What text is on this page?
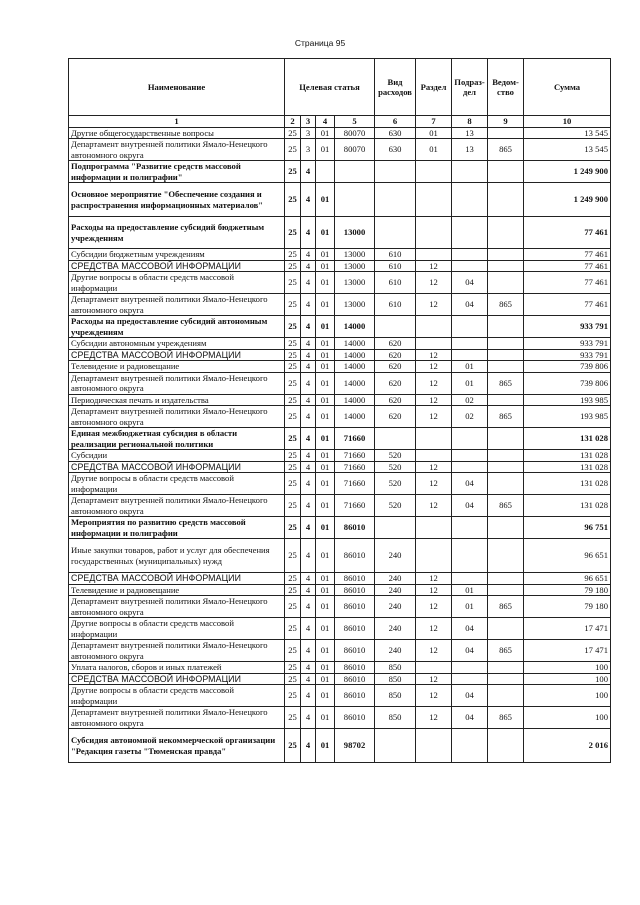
Страница 95
Наименование	Целевая статья				Вид расходов	Раздел	Подраз-дел	Ведом-ство	Сумма
1	2	3	4	5	6	7	8	9	10
Другие общегосударственные вопросы	25	3	01	80070	630	01	13		13 545
Департамент внутренней политики Ямало-Ненецкого автономного округа	25	3	01	80070	630	01	13	865	13 545
Подпрограмма "Развитие средств массовой информации и полиграфии"	25	4							1 249 900
Основное мероприятие "Обеспечение создания и распространения информационных материалов"	25	4	01						1 249 900
Расходы на предоставление субсидий бюджетным учреждениям	25	4	01	13000					77 461
Субсидии бюджетным учреждениям	25	4	01	13000	610				77 461
СРЕДСТВА МАССОВОЙ ИНФОРМАЦИИ	25	4	01	13000	610	12			77 461
Другие вопросы в области средств массовой информации	25	4	01	13000	610	12	04		77 461
Департамент внутренней политики Ямало-Ненецкого автономного округа	25	4	01	13000	610	12	04	865	77 461
Расходы на предоставление субсидий автономным учреждениям	25	4	01	14000					933 791
Субсидии автономным учреждениям	25	4	01	14000	620				933 791
СРЕДСТВА МАССОВОЙ ИНФОРМАЦИИ	25	4	01	14000	620	12			933 791
Телевидение и радиовещание	25	4	01	14000	620	12	01		739 806
Департамент внутренней политики Ямало-Ненецкого автономного округа	25	4	01	14000	620	12	01	865	739 806
Периодическая печать и издательства	25	4	01	14000	620	12	02		193 985
Департамент внутренней политики Ямало-Ненецкого автономного округа	25	4	01	14000	620	12	02	865	193 985
Единая межбюджетная субсидия в области реализации региональной политики	25	4	01	71660					131 028
Субсидии	25	4	01	71660	520				131 028
СРЕДСТВА МАССОВОЙ ИНФОРМАЦИИ	25	4	01	71660	520	12			131 028
Другие вопросы в области средств массовой информации	25	4	01	71660	520	12	04		131 028
Департамент внутренней политики Ямало-Ненецкого автономного округа	25	4	01	71660	520	12	04	865	131 028
Мероприятия по развитию средств массовой информации и полиграфии	25	4	01	86010					96 751
Иные закупки товаров, работ и услуг для обеспечения государственных (муниципальных) нужд	25	4	01	86010	240				96 651
СРЕДСТВА МАССОВОЙ ИНФОРМАЦИИ	25	4	01	86010	240	12			96 651
Телевидение и радиовещание	25	4	01	86010	240	12	01		79 180
Департамент внутренней политики Ямало-Ненецкого автономного округа	25	4	01	86010	240	12	01	865	79 180
Другие вопросы в области средств массовой информации	25	4	01	86010	240	12	04		17 471
Департамент внутренней политики Ямало-Ненецкого автономного округа	25	4	01	86010	240	12	04	865	17 471
Уплата налогов, сборов и иных платежей	25	4	01	86010	850				100
СРЕДСТВА МАССОВОЙ ИНФОРМАЦИИ	25	4	01	86010	850	12			100
Другие вопросы в области средств массовой информации	25	4	01	86010	850	12	04		100
Департамент внутренней политики Ямало-Ненецкого автономного округа	25	4	01	86010	850	12	04	865	100
Субсидия автономной некоммерческой организации "Редакция газеты "Тюменская правда"	25	4	01	98702					2 016
